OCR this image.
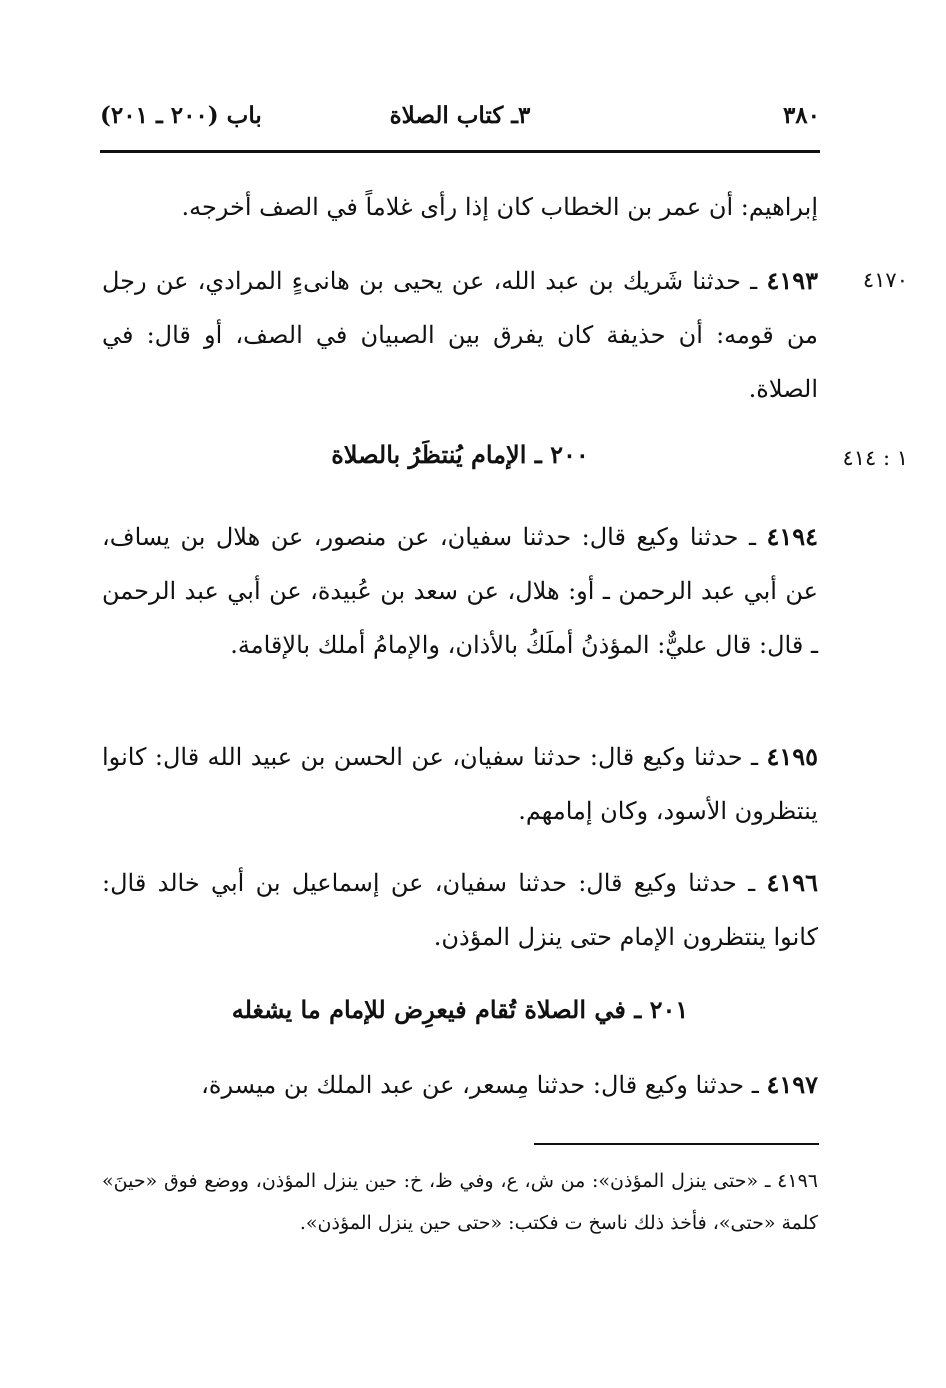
٣٨٠
٣ـ كتاب الصلاة
باب (٢٠٠ ـ ٢٠١)

إبراهيم: أن عمر بن الخطاب كان إذا رأى غلاماً في الصف أخرجه.

٤١٧٠

٤١٩٣ ـ حدثنا شَريك بن عبد الله، عن يحيى بن هانىءٍ المرادي، عن رجل من قومه: أن حذيفة كان يفرق بين الصبيان في الصف، أو قال: في الصلاة.

١ : ٤١٤
٢٠٠ ـ الإمام يُنتظَرُ بالصلاة

٤١٩٤ ـ حدثنا وكيع قال: حدثنا سفيان، عن منصور، عن هلال بن يساف، عن أبي عبد الرحمن ـ أو: هلال، عن سعد بن عُبيدة، عن أبي عبد الرحمن ـ قال: قال عليٌّ: المؤذنُ أملَكُ بالأذان، والإمامُ أملك بالإقامة.

٤١٩٥ ـ حدثنا وكيع قال: حدثنا سفيان، عن الحسن بن عبيد الله قال: كانوا ينتظرون الأسود، وكان إمامهم.

٤١٩٦ ـ حدثنا وكيع قال: حدثنا سفيان، عن إسماعيل بن أبي خالد قال: كانوا ينتظرون الإمام حتى ينزل المؤذن.

٢٠١ ـ في الصلاة تُقام فيعرِض للإمام ما يشغله

٤١٩٧ ـ حدثنا وكيع قال: حدثنا مِسعر، عن عبد الملك بن ميسرة،

٤١٩٦ ـ «حتى ينزل المؤذن»: من ش، ع، وفي ظ، خ: حين ينزل المؤذن، ووضع فوق «حينَ» كلمة «حتى»، فأخذ ذلك ناسخ ت فكتب: «حتى حين ينزل المؤذن».
